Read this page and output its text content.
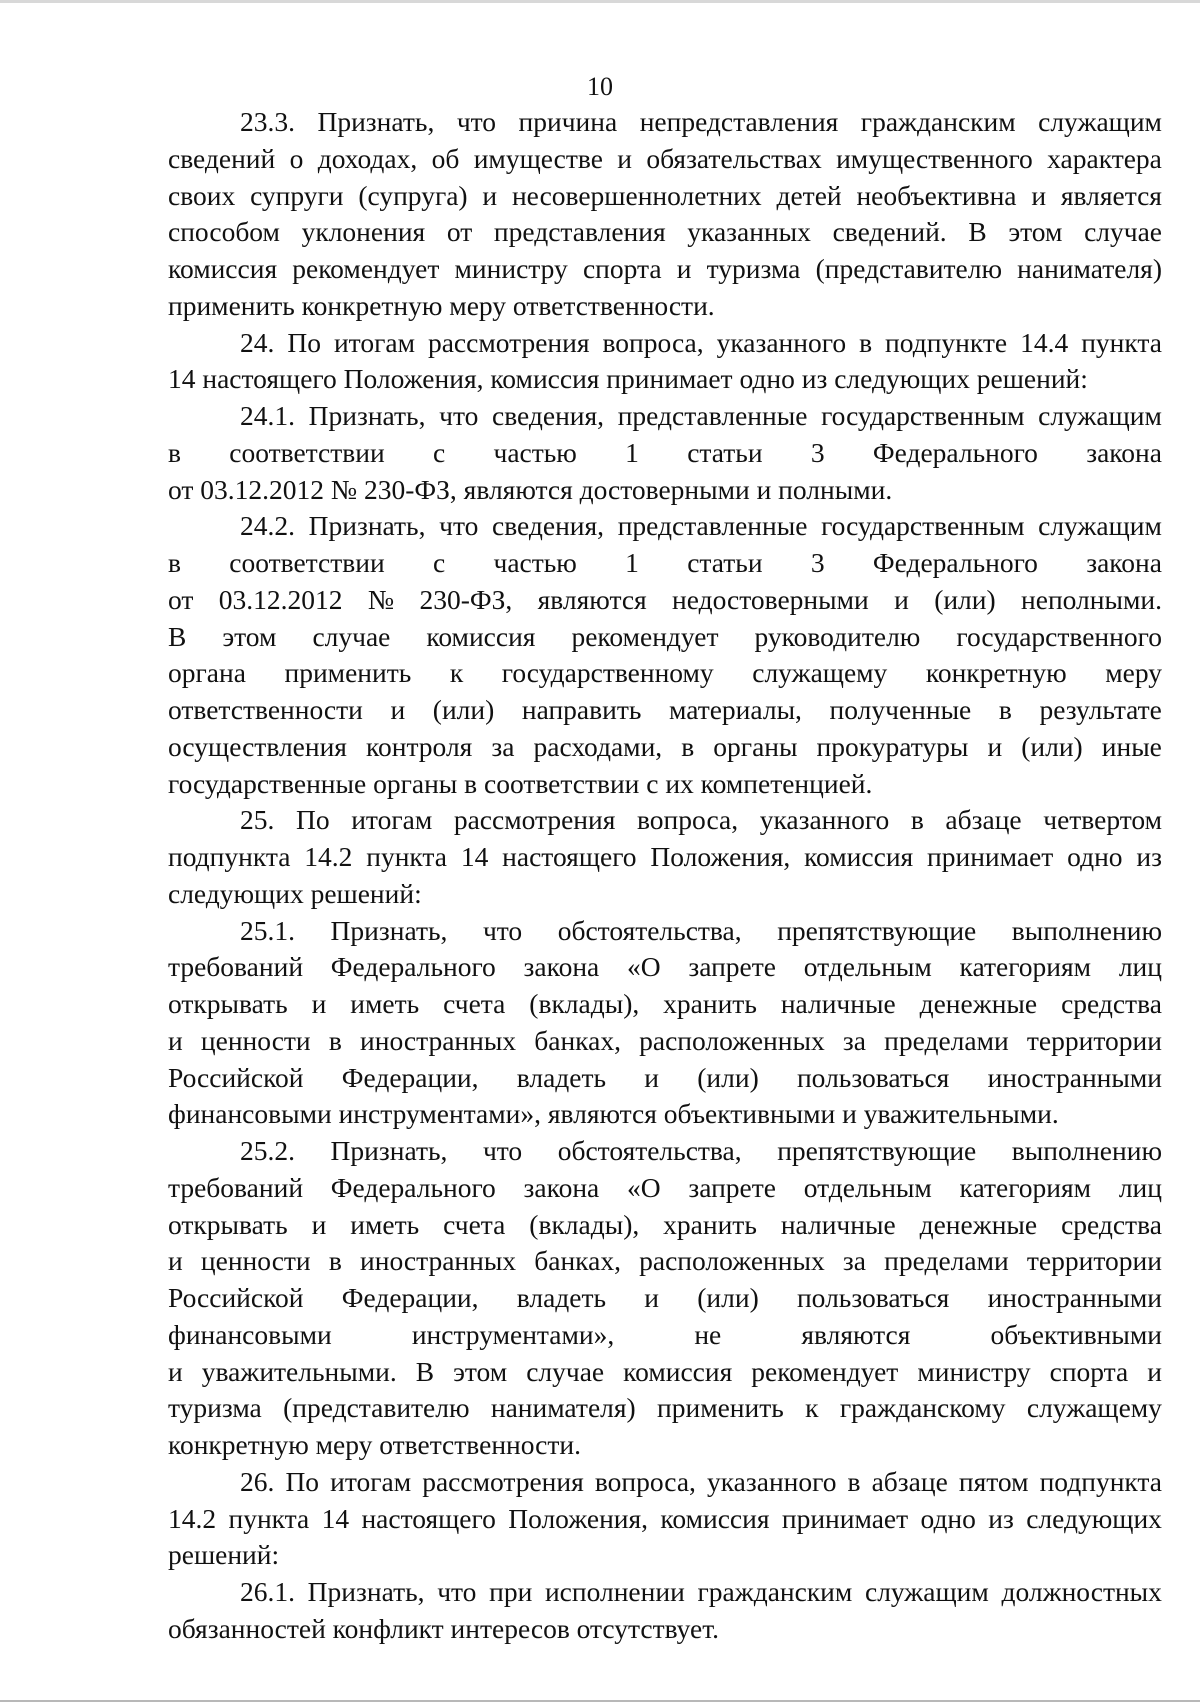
10
23.3. Признать, что причина непредставления гражданским служащим
сведений о доходах, об имуществе и обязательствах имущественного характера
своих супруги (супруга) и несовершеннолетних детей необъективна и является
способом уклонения от представления указанных сведений. В этом случае
комиссия рекомендует министру спорта и туризма (представителю нанимателя)
применить конкретную меру ответственности.
24. По итогам рассмотрения вопроса, указанного в подпункте 14.4 пункта
14 настоящего Положения, комиссия принимает одно из следующих решений:
24.1. Признать, что сведения, представленные государственным служащим
в соответствии с частью 1 статьи 3 Федерального закона
от 03.12.2012 № 230-ФЗ, являются достоверными и полными.
24.2. Признать, что сведения, представленные государственным служащим
в соответствии с частью 1 статьи 3 Федерального закона
от 03.12.2012 № 230-ФЗ, являются недостоверными и (или) неполными.
В этом случае комиссия рекомендует руководителю государственного
органа применить к государственному служащему конкретную меру
ответственности и (или) направить материалы, полученные в результате
осуществления контроля за расходами, в органы прокуратуры и (или) иные
государственные органы в соответствии с их компетенцией.
25. По итогам рассмотрения вопроса, указанного в абзаце четвертом
подпункта 14.2 пункта 14 настоящего Положения, комиссия принимает одно из
следующих решений:
25.1. Признать, что обстоятельства, препятствующие выполнению
требований Федерального закона «О запрете отдельным категориям лиц
открывать и иметь счета (вклады), хранить наличные денежные средства
и ценности в иностранных банках, расположенных за пределами территории
Российской Федерации, владеть и (или) пользоваться иностранными
финансовыми инструментами», являются объективными и уважительными.
25.2. Признать, что обстоятельства, препятствующие выполнению
требований Федерального закона «О запрете отдельным категориям лиц
открывать и иметь счета (вклады), хранить наличные денежные средства
и ценности в иностранных банках, расположенных за пределами территории
Российской Федерации, владеть и (или) пользоваться иностранными
финансовыми	инструментами»,	не	являются	объективными
и уважительными. В этом случае комиссия рекомендует министру спорта и
туризма (представителю нанимателя) применить к гражданскому служащему
конкретную меру ответственности.
26. По итогам рассмотрения вопроса, указанного в абзаце пятом подпункта
14.2 пункта 14 настоящего Положения, комиссия принимает одно из следующих
решений:
26.1. Признать, что при исполнении гражданским служащим должностных
обязанностей конфликт интересов отсутствует.
